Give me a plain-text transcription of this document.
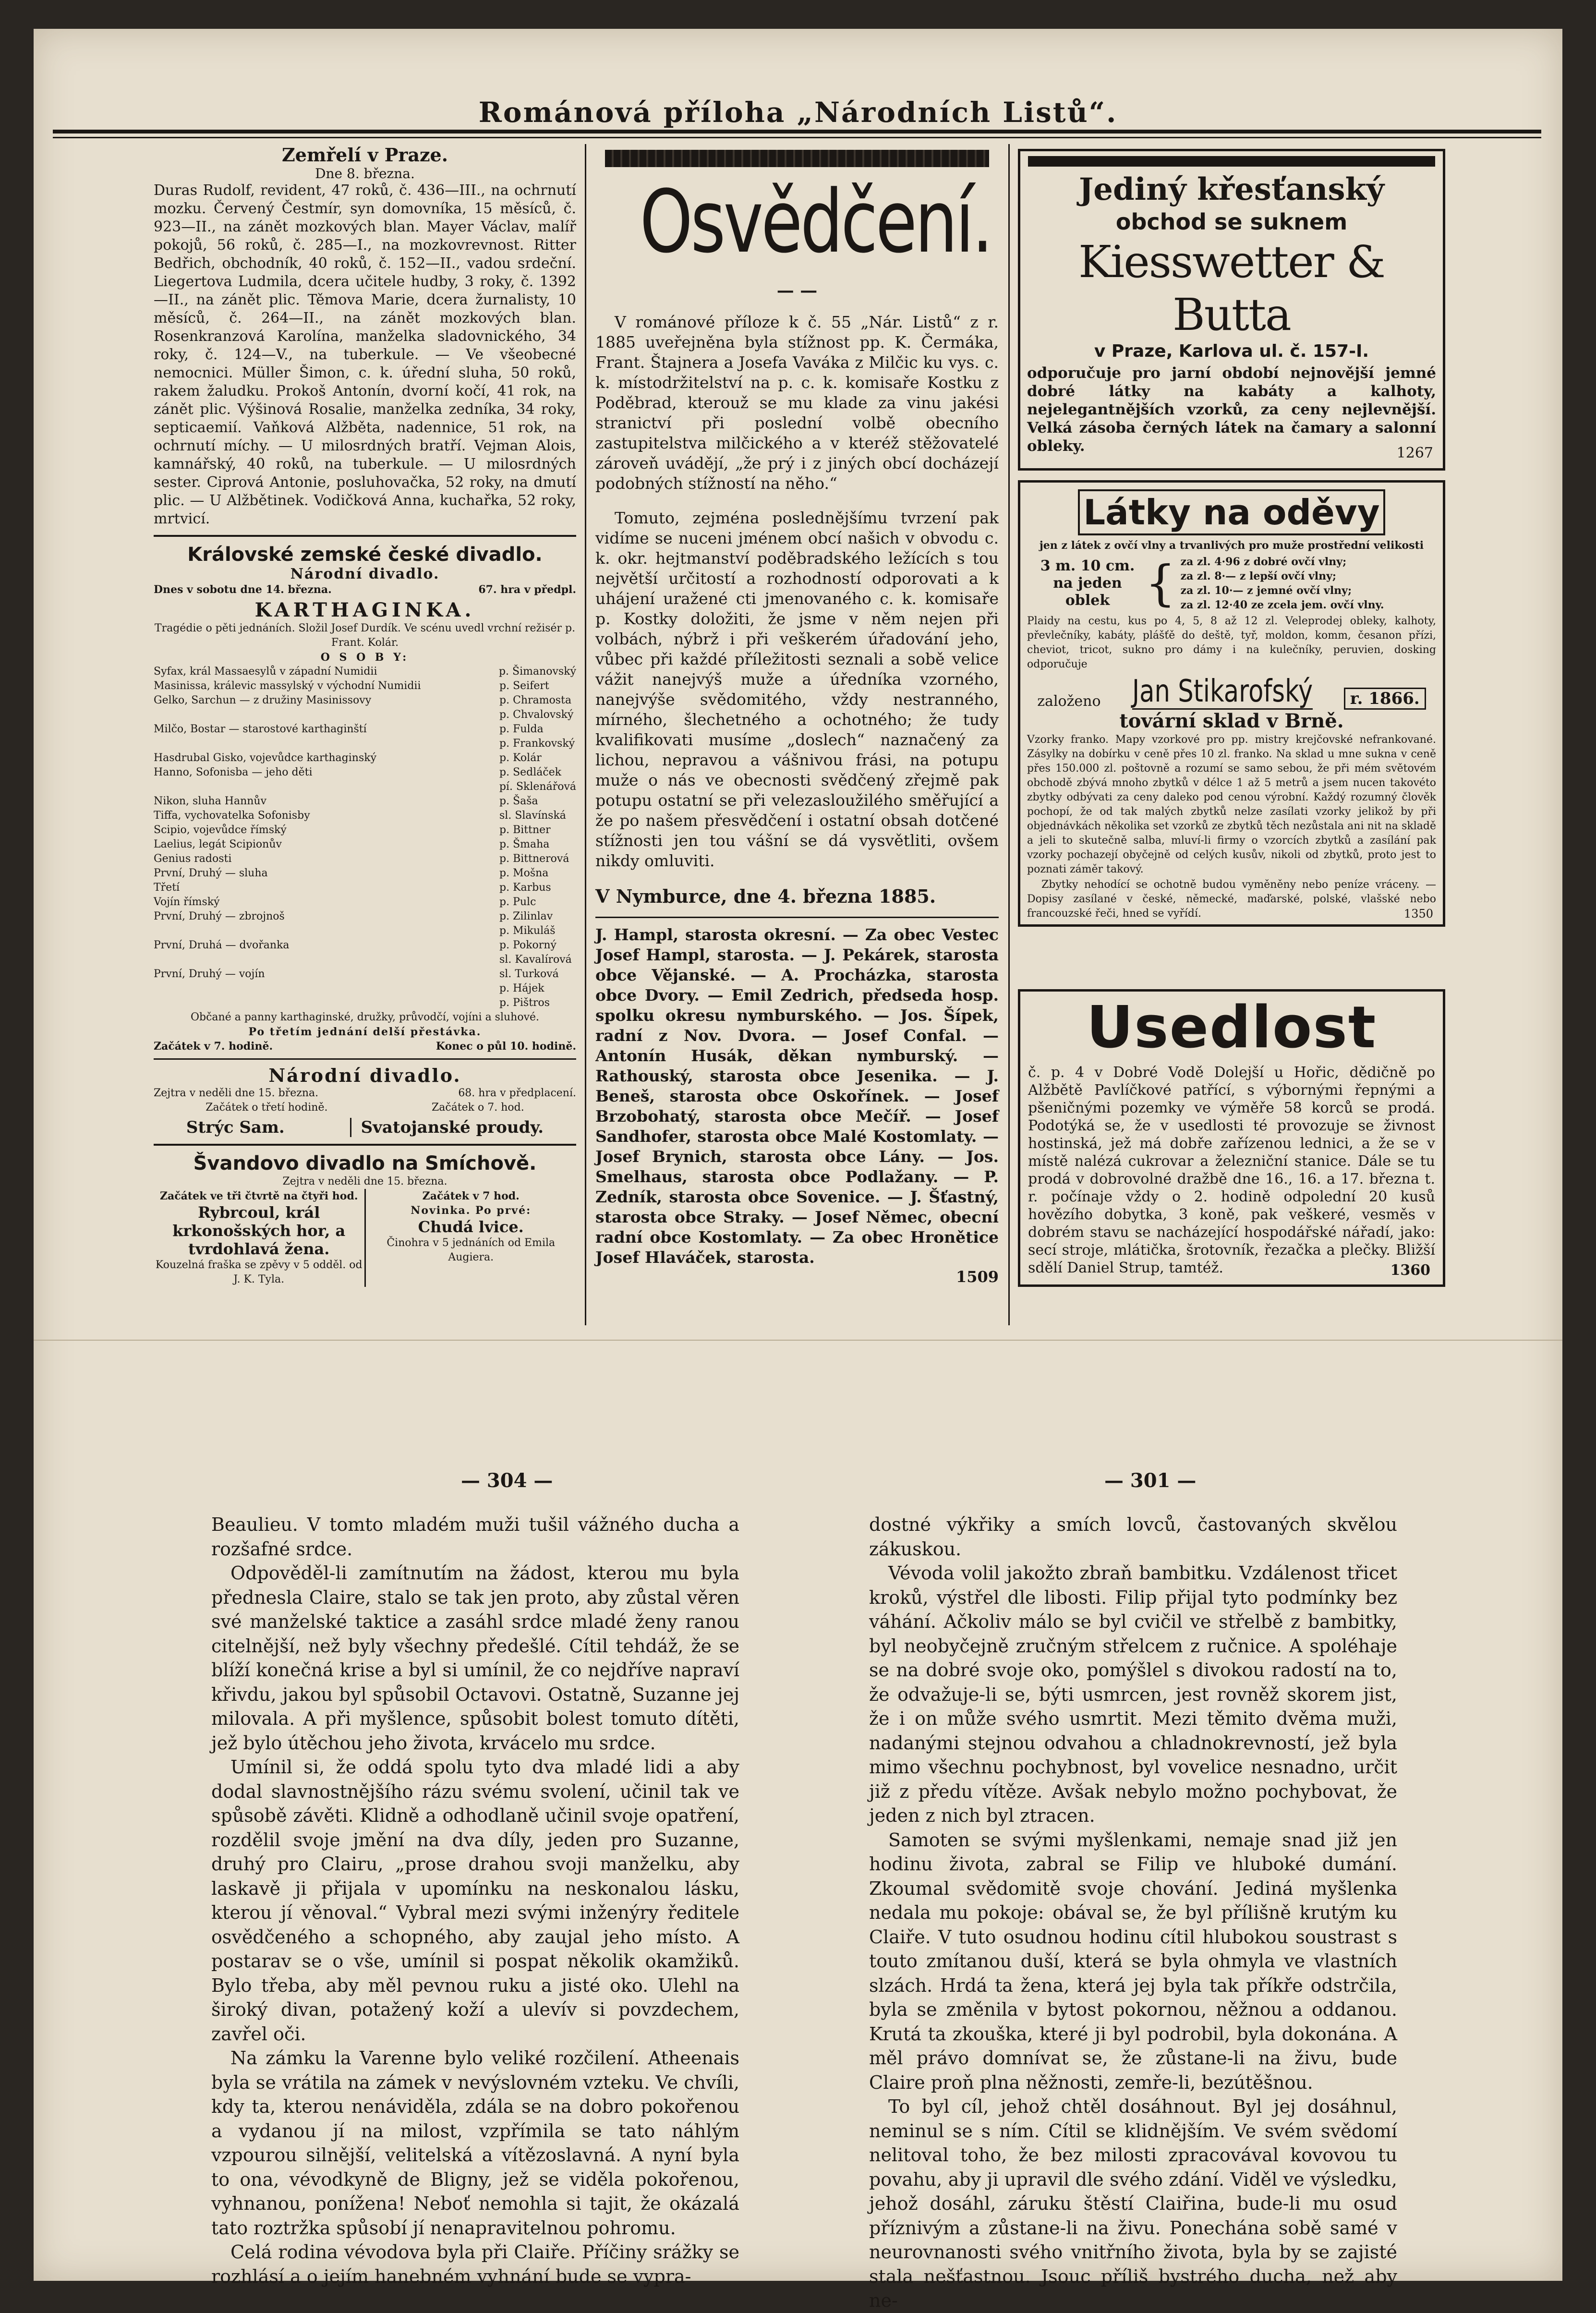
Románová příloha „Národních Listů“.
Zemřelí v Praze.
Dne 8. března.
Duras Rudolf, revident, 47 roků, č. 436—III., na ochrnutí mozku. Červený Čestmír, syn domovníka, 15 měsíců, č. 923—II., na zánět mozkových blan. Mayer Václav, malíř pokojů, 56 roků, č. 285—I., na mozkovrevnost. Ritter Bedřich, obchodník, 40 roků, č. 152—II., vadou srdeční. Liegertova Ludmila, dcera učitele hudby, 3 roky, č. 1392—II., na zánět plic. Těmova Marie, dcera žurnalisty, 10 měsíců, č. 264—II., na zánět mozkových blan. Rosenkranzová Karolína, manželka sladovnického, 34 roky, č. 124—V., na tuberkule. — Ve všeobecné nemocnici. Müller Šimon, c. k. úřední sluha, 50 roků, rakem žaludku. Prokoš Antonín, dvorní kočí, 41 rok, na zánět plic. Výšinová Rosalie, manželka zedníka, 34 roky, septicaemií. Vaňková Alžběta, nadennice, 51 rok, na ochrnutí míchy. — U milosrdných bratří. Vejman Alois, kamnářský, 40 roků, na tuberkule. — U milosrdných sester. Ciprová Antonie, posluhovačka, 52 roky, na dmutí plic. — U Alžbětinek. Vodičková Anna, kuchařka, 52 roky, mrtvicí.
Královské zemské české divadlo.
Národní divadlo.
Dnes v sobotu dne 14. března.	67. hra v předpl.
KARTHAGINKA.
Tragédie o pěti jednáních. Složil Josef Durdík. Ve scénu uvedl vrchní režisér p. Frant. Kolár.
O S O B Y:
Syfax, král Massaesylů v západní Numidii	p. Šimanovský
Masinissa, králevic massylský v východní Numidii	p. Seifert
Gelko, Sarchun — z družiny Masinissovy	p. Chramosta
p. Chvalovský
Milčo, Bostar — starostové karthaginští	p. Fulda
p. Frankovský
Hasdrubal Gisko, vojevůdce karthaginský	p. Kolár
Hanno, Sofonisba — jeho děti	p. Sedláček
pí. Sklenářová
Nikon, sluha Hannův	p. Šaša
Tiffa, vychovatelka Sofonisby	sl. Slavínská
Scipio, vojevůdce římský	p. Bittner
Laelius, legát Scipionův	p. Šmaha
Genius radosti	p. Bittnerová
První, Druhý — sluha	p. Mošna
Třetí	p. Karbus
Vojín římský	p. Pulc
První, Druhý — zbrojnoš	p. Zilinlav
p. Mikuláš
První, Druhá — dvořanka	p. Pokorný
sl. Kavalírová
První, Druhý — vojín	sl. Turková
p. Hájek
p. Pištros
Občané a panny karthaginské, družky, průvodčí, vojíni a sluhové.
Po třetím jednání delší přestávka.
Začátek v 7. hodině.	Konec o půl 10. hodině.
Národní divadlo.
Zejtra v neděli dne 15. března.	68. hra v předplacení.
Začátek o třetí hodině.	Začátek o 7. hod.
Strýc Sam.	Svatojanské proudy.
Švandovo divadlo na Smíchově.
Zejtra v neděli dne 15. března.
Začátek ve tři čtvrtě na čtyři hod.
Rybrcoul, král krkonošských hor, a tvrdohlavá žena.
Kouzelná fraška se zpěvy v 5 odděl. od J. K. Tyla.
Začátek v 7 hod.
Novinka. Po prvé:
Chudá lvice.
Činohra v 5 jednáních od Emila Augiera.
Osvědčení.
— —
V románové příloze k č. 55 „Nár. Listů“ z r. 1885 uveřejněna byla stížnost pp. K. Čermáka, Frant. Štajnera a Josefa Vaváka z Milčic ku vys. c. k. místodržitelství na p. c. k. komisaře Kostku z Poděbrad, kterouž se mu klade za vinu jakési stranictví při poslední volbě obecního zastupitelstva milčického a v kteréž stěžovatelé zároveň uvádějí, „že prý i z jiných obcí docházejí podobných stížností na něho.“
Tomuto, zejména poslednějšímu tvrzení pak vidíme se nuceni jménem obcí našich v obvodu c. k. okr. hejtmanství poděbradského ležících s tou největší určitostí a rozhodností odporovati a k uhájení uražené cti jmenovaného c. k. komisaře p. Kostky doložiti, že jsme v něm nejen při volbách, nýbrž i při veškerém úřadování jeho, vůbec při každé příležitosti seznali a sobě velice vážit nanejvýš muže a úředníka vzorného, nanejvýše svědomitého, vždy nestranného, mírného, šlechetného a ochotného; že tudy kvalifikovati musíme „doslech“ naznačený za lichou, nepravou a vášnivou frási, na potupu muže o nás ve obecnosti svědčený zřejmě pak potupu ostatní se při velezasloužilého směřující a že po našem přesvědčení i ostatní obsah dotčené stížnosti jen tou vášní se dá vysvětliti, ovšem nikdy omluviti.
V Nymburce, dne 4. března 1885.
J. Hampl, starosta okresní. — Za obec Vestec Josef Hampl, starosta. — J. Pekárek, starosta obce Vějanské. — A. Procházka, starosta obce Dvory. — Emil Zedrich, předseda hosp. spolku okresu nymburského. — Jos. Šípek, radní z Nov. Dvora. — Josef Confal. — Antonín Husák, děkan nymburský. — Rathouský, starosta obce Jesenika. — J. Beneš, starosta obce Oskořínek. — Josef Brzobohatý, starosta obce Mečíř. — Josef Sandhofer, starosta obce Malé Kostomlaty. — Josef Brynich, starosta obce Lány. — Jos. Smelhaus, starosta obce Podlažany. — P. Zedník, starosta obce Sovenice. — J. Šťastný, starosta obce Straky. — Josef Němec, obecní radní obce Kostomlaty. — Za obec Hronětice Josef Hlaváček, starosta.
1509
Jediný křesťanský
obchod se suknem
Kiesswetter & Butta
v Praze, Karlova ul. č. 157-I.
odporučuje pro jarní období nejnovější jemné dobré látky na kabáty a kalhoty, nejelegantnějších vzorků, za ceny nejlevnější. Velká zásoba černých látek na čamary a salonní obleky.	1267
Látky na oděvy
jen z látek z ovčí vlny a trvanlivých pro muže prostřední velikosti
3 m. 10 cm. na jeden oblek { za zl. 4·96 z dobré ovčí vlny;
za zl. 8·— z lepší ovčí vlny;
za zl. 10·— z jemné ovčí vlny;
za zl. 12·40 ze zcela jem. ovčí vlny.
Plaidy na cestu, kus po 4, 5, 8 až 12 zl. Veleprodej obleky, kalhoty, převlečníky, kabáty, plášťě do deště, tyř, moldon, komm, česanon přízi, cheviot, tricot, sukno pro dámy i na kulečníky, peruvien, dosking odporučuje
založeno Jan Stikarofský	r. 1866.
tovární sklad v Brně.
Vzorky franko. Mapy vzorkové pro pp. mistry krejčovské nefrankované. Zásylky na dobírku v ceně přes 10 zl. franko. Na sklad u mne sukna v ceně přes 150.000 zl. poštovně a rozumí se samo sebou, že při mém světovém obchodě zbývá mnoho zbytků v délce 1 až 5 metrů a jsem nucen takovéto zbytky odbývati za ceny daleko pod cenou výrobní. Každý rozumný člověk pochopí, že od tak malých zbytků nelze zasílati vzorky jelikož by při objednávkách několika set vzorků ze zbytků těch nezůstala ani nit na skladě a jeli to skutečně salba, mluví-li firmy o vzorcích zbytků a zasílání pak vzorky pochazejí obyčejně od celých kusův, nikoli od zbytků, proto jest to poznati záměr takový.
Zbytky nehodící se ochotně budou vyměněny nebo peníze vráceny. — Dopisy zasílané v české, německé, maďarské, polské, vlašské nebo francouzské řeči, hned se vyřídí.	1350
Usedlost
č. p. 4 v Dobré Vodě Dolejší u Hořic, dědičně po Alžbětě Pavlíčkové patřící, s výbornými řepnými a pšeničnými pozemky ve výměře 58 korců se prodá. Podotýká se, že v usedlosti té provozuje se živnost hostinská, jež má dobře zařízenou lednici, a že se v místě nalézá cukrovar a železniční stanice. Dále se tu prodá v dobrovolné dražbě dne 16., 16. a 17. března t. r. počínaje vždy o 2. hodině odpolední 20 kusů hovězího dobytka, 3 koně, pak veškeré, vesměs v dobrém stavu se nacházející hospodářské nářadí, jako: secí stroje, mlátička, šrotovník, řezačka a plečky. Bližší sdělí Daniel Strup, tamtéž.	1360
— 304 —	— 301 —

Beaulieu. V tomto mladém muži tušil vážného ducha a rozšafné srdce.

Odpověděl-li zamítnutím na žádost, kterou mu byla přednesla Claire, stalo se tak jen proto, aby zůstal věren své manželské taktice a zasáhl srdce mladé ženy ranou citelnější, než byly všechny předešlé. Cítil tehdáž, že se blíží konečná krise a byl si umínil, že co nejdříve napraví křivdu, jakou byl spůsobil Octavovi. Ostatně, Suzanne jej milovala. A při myšlence, spůsobit bolest tomuto dítěti, jež bylo útěchou jeho života, krvácelo mu srdce.

Umínil si, že oddá spolu tyto dva mladé lidi a aby dodal slavnostnějšího rázu svému svolení, učinil tak ve spůsobě závěti. Klidně a odhodlaně učinil svoje opatření, rozdělil svoje jmění na dva díly, jeden pro Suzanne, druhý pro Clairu, „prose drahou svoji manželku, aby laskavě ji přijala v upomínku na neskonalou lásku, kterou jí věnoval.“ Vybral mezi svými inženýry ředitele osvědčeného a schopného, aby zaujal jeho místo. A postarav se o vše, umínil si pospat několik okamžiků. Bylo třeba, aby měl pevnou ruku a jisté oko. Ulehl na široký divan, potažený koží a ulevív si povzdechem, zavřel oči.

Na zámku la Varenne bylo veliké rozčilení. Atheenais byla se vrátila na zámek v nevýslovném vzteku. Ve chvíli, kdy ta, kterou nenáviděla, zdála se na dobro pokořenou a vydanou jí na milost, vzpřímila se tato náhlým vzpourou silnější, velitelská a vítězoslavná. A nyní byla to ona, vévodkyně de Bligny, jež se viděla pokořenou, vyhnanou, ponížena! Neboť nemohla si tajit, že okázalá tato roztržka spůsobí jí nenapravitelnou pohromu.

Celá rodina vévodova byla při Claiře. Příčiny srážky se rozhlásí a o jejím hanebném vyhnání bude se vypra-

dostné výkřiky a smích lovců, častovaných skvělou zákuskou.

Vévoda volil jakožto zbraň bambitku. Vzdálenost třicet kroků, výstřel dle libosti. Filip přijal tyto podmínky bez váhání. Ačkoliv málo se byl cvičil ve střelbě z bambitky, byl neobyčejně zručným střelcem z ručnice. A spoléhaje se na dobré svoje oko, pomýšlel s divokou radostí na to, že odvažuje-li se, býti usmrcen, jest rovněž skorem jist, že i on může svého usmrtit. Mezi těmito dvěma muži, nadanými stejnou odvahou a chladnokrevností, jež byla mimo všechnu pochybnost, byl vovelice nesnadno, určit již z předu vítěze. Avšak nebylo možno pochybovat, že jeden z nich byl ztracen.

Samoten se svými myšlenkami, nemaje snad již jen hodinu života, zabral se Filip ve hluboké dumání. Zkoumal svědomitě svoje chování. Jediná myšlenka nedala mu pokoje: obával se, že byl přílišně krutým ku Claiře. V tuto osudnou hodinu cítil hlubokou soustrast s touto zmítanou duší, která se byla ohmyla ve vlastních slzách. Hrdá ta žena, která jej byla tak příkře odstrčila, byla se změnila v bytost pokornou, něžnou a oddanou. Krutá ta zkouška, které ji byl podrobil, byla dokonána. A měl právo domnívat se, že zůstane-li na živu, bude Claire proň plna něžnosti, zemře-li, bezútěšnou.

To byl cíl, jehož chtěl dosáhnout. Byl jej dosáhnul, neminul se s ním. Cítil se klidnějším. Ve svém svědomí nelitoval toho, že bez milosti zpracovával kovovou tu povahu, aby ji upravil dle svého zdání. Viděl ve výsledku, jehož dosáhl, záruku štěstí Claiřina, bude-li mu osud příznivým a zůstane-li na živu. Ponechána sobě samé v neurovnanosti svého vnitřního života, byla by se zajisté stala nešťastnou. Jsouc příliš bystrého ducha, než aby ne-
